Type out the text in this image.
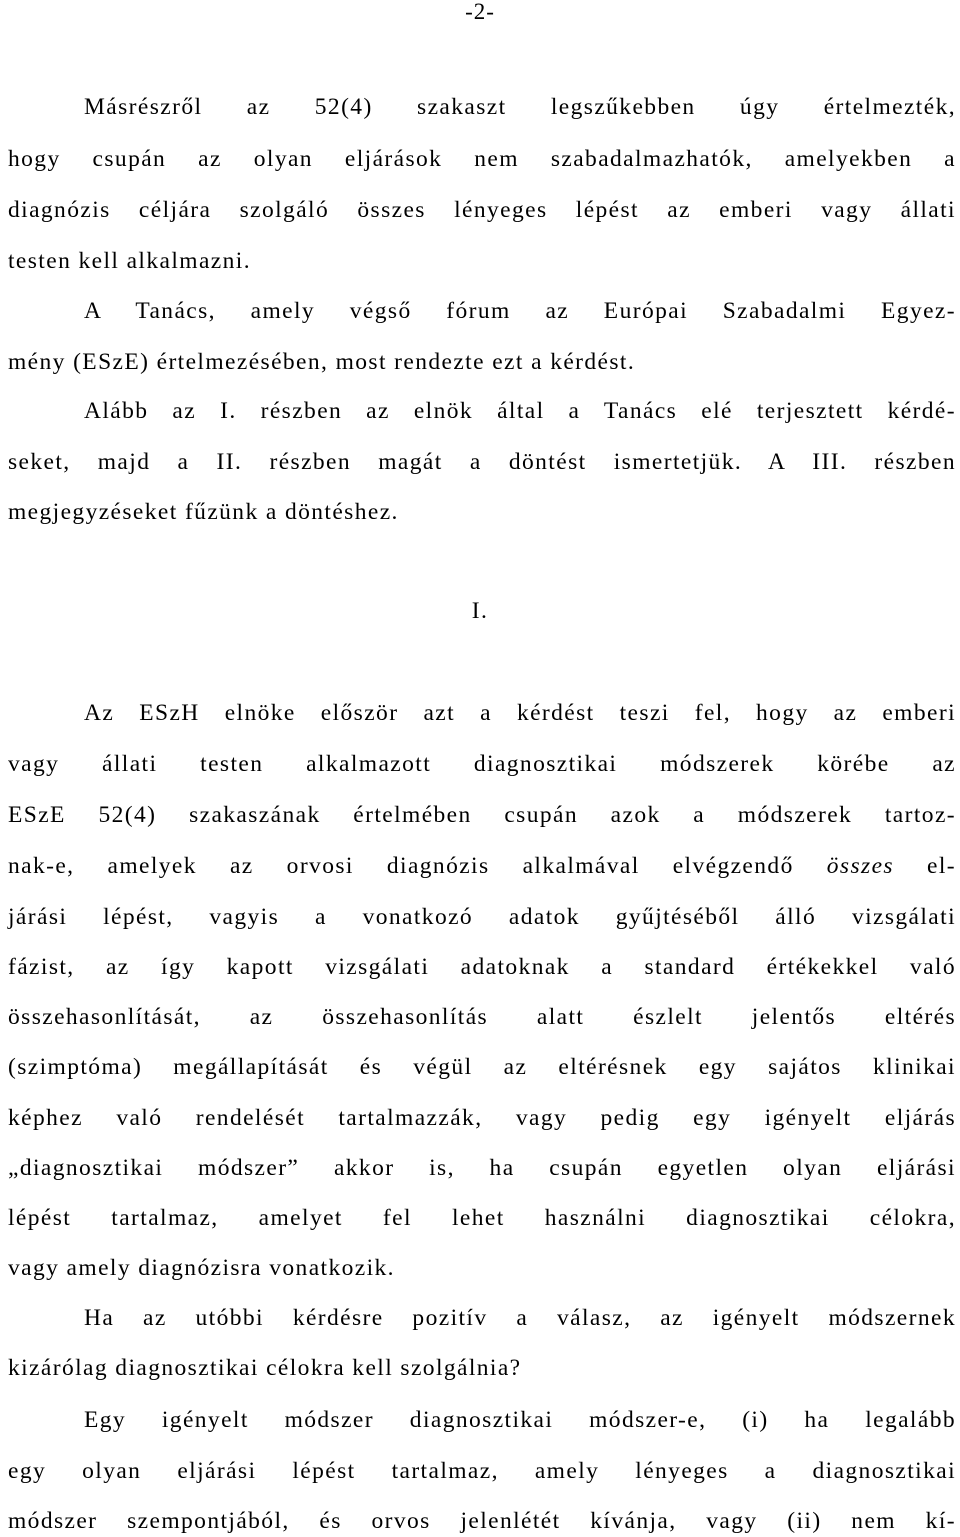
-2-
Másrészről az 52(4) szakaszt legszűkebben úgy értelmezték,
hogy csupán az olyan eljárások nem szabadalmazhatók, amelyekben a
diagnózis céljára szolgáló összes lényeges lépést az emberi vagy állati
testen kell alkalmazni.
A Tanács, amely végső fórum az Európai Szabadalmi Egyez-
mény (ESzE) értelmezésében, most rendezte ezt a kérdést.
Alább az I. részben az elnök által a Tanács elé terjesztett kérdé-
seket, majd a II. részben magát a döntést ismertetjük. A III. részben
megjegyzéseket fűzünk a döntéshez.
I.
Az ESzH elnöke először azt a kérdést teszi fel, hogy az emberi
vagy állati testen alkalmazott diagnosztikai módszerek körébe az
ESzE 52(4) szakaszának értelmében csupán azok a módszerek tartoz-
nak-e, amelyek az orvosi diagnózis alkalmával elvégzendő összes el-
járási lépést, vagyis a vonatkozó adatok gyűjtéséből álló vizsgálati
fázist, az így kapott vizsgálati adatoknak a standard értékekkel való
összehasonlítását, az összehasonlítás alatt észlelt jelentős eltérés
(szimptóma) megállapítását és végül az eltérésnek egy sajátos klinikai
képhez való rendelését tartalmazzák, vagy pedig egy igényelt eljárás
„diagnosztikai módszer” akkor is, ha csupán egyetlen olyan eljárási
lépést tartalmaz, amelyet fel lehet használni diagnosztikai célokra,
vagy amely diagnózisra vonatkozik.
Ha az utóbbi kérdésre pozitív a válasz, az igényelt módszernek
kizárólag diagnosztikai célokra kell szolgálnia?
Egy igényelt módszer diagnosztikai módszer-e, (i) ha legalább
egy olyan eljárási lépést tartalmaz, amely lényeges a diagnosztikai
módszer szempontjából, és orvos jelenlétét kívánja, vagy (ii) nem kí-
